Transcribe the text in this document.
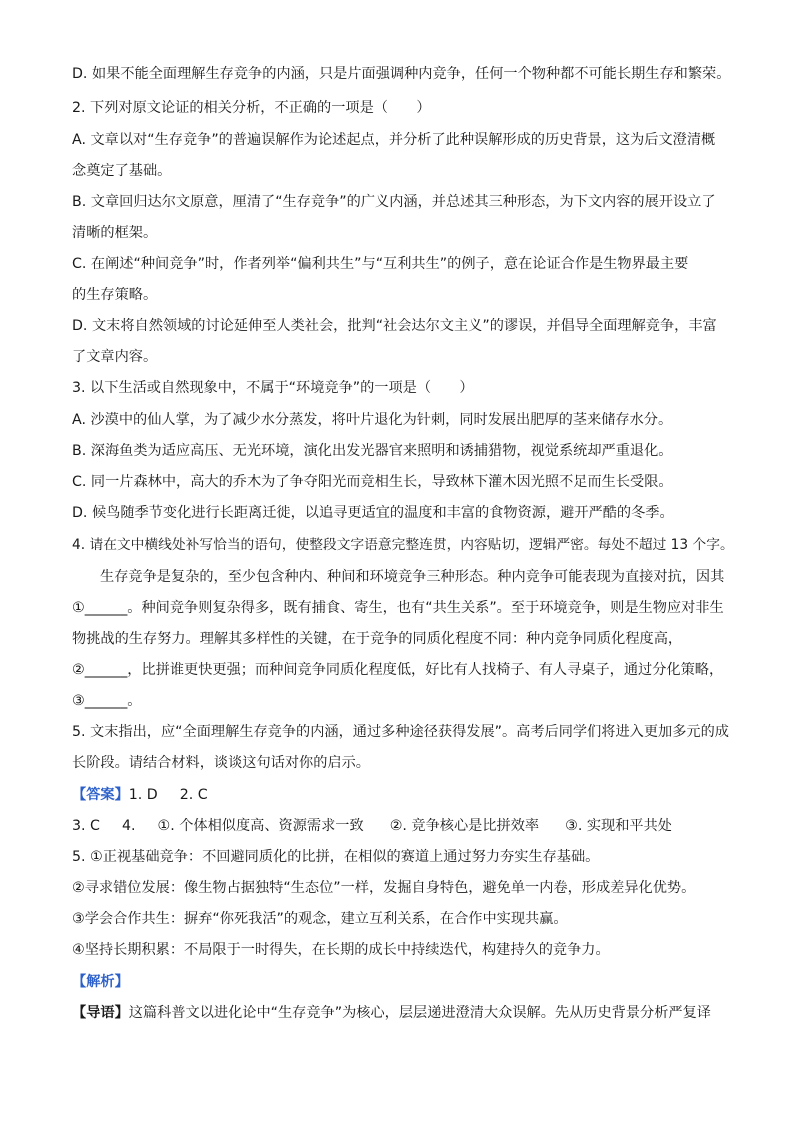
D. 如果不能全面理解生存竞争的内涵，只是片面强调种内竞争，任何一个物种都不可能长期生存和繁荣。
2. 下列对原文论证的相关分析，不正确的一项是（　　）
A. 文章以对“生存竞争”的普遍误解作为论述起点，并分析了此种误解形成的历史背景，这为后文澄清概
念奠定了基础。
B. 文章回归达尔文原意，厘清了“生存竞争”的广义内涵，并总述其三种形态，为下文内容的展开设立了
清晰的框架。
C. 在阐述“种间竞争”时，作者列举“偏利共生”与“互利共生”的例子，意在论证合作是生物界最主要
的生存策略。
D. 文末将自然领域的讨论延伸至人类社会，批判“社会达尔文主义”的谬误，并倡导全面理解竞争，丰富
了文章内容。
3. 以下生活或自然现象中，不属于“环境竞争”的一项是（　　）
A. 沙漠中的仙人掌，为了减少水分蒸发，将叶片退化为针刺，同时发展出肥厚的茎来储存水分。
B. 深海鱼类为适应高压、无光环境，演化出发光器官来照明和诱捕猎物，视觉系统却严重退化。
C. 同一片森林中，高大的乔木为了争夺阳光而竞相生长，导致林下灌木因光照不足而生长受限。
D. 候鸟随季节变化进行长距离迁徙，以追寻更适宜的温度和丰富的食物资源，避开严酷的冬季。
4. 请在文中横线处补写恰当的语句，使整段文字语意完整连贯，内容贴切，逻辑严密。每处不超过 13 个字。
生存竞争是复杂的，至少包含种内、种间和环境竞争三种形态。种内竞争可能表现为直接对抗，因其
①______。种间竞争则复杂得多，既有捕食、寄生，也有“共生关系”。至于环境竞争，则是生物应对非生
物挑战的生存努力。理解其多样性的关键，在于竞争的同质化程度不同：种内竞争同质化程度高，
②______，比拼谁更快更强；而种间竞争同质化程度低，好比有人找椅子、有人寻桌子，通过分化策略，
③______。
5. 文末指出，应“全面理解生存竞争的内涵，通过多种途径获得发展”。高考后同学们将进入更加多元的成
长阶段。请结合材料，谈谈这句话对你的启示。
【答案】1. D 2. C
3. C 4. ①. 个体相似度高、资源需求一致 ②. 竞争核心是比拼效率 ③. 实现和平共处
5. ①正视基础竞争：不回避同质化的比拼，在相似的赛道上通过努力夯实生存基础。
②寻求错位发展：像生物占据独特“生态位”一样，发掘自身特色，避免单一内卷，形成差异化优势。
③学会合作共生：摒弃“你死我活”的观念，建立互利关系，在合作中实现共赢。
④坚持长期积累：不局限于一时得失，在长期的成长中持续迭代，构建持久的竞争力。
【解析】
【导语】这篇科普文以进化论中“生存竞争”为核心，层层递进澄清大众误解。先从历史背景分析严复译
